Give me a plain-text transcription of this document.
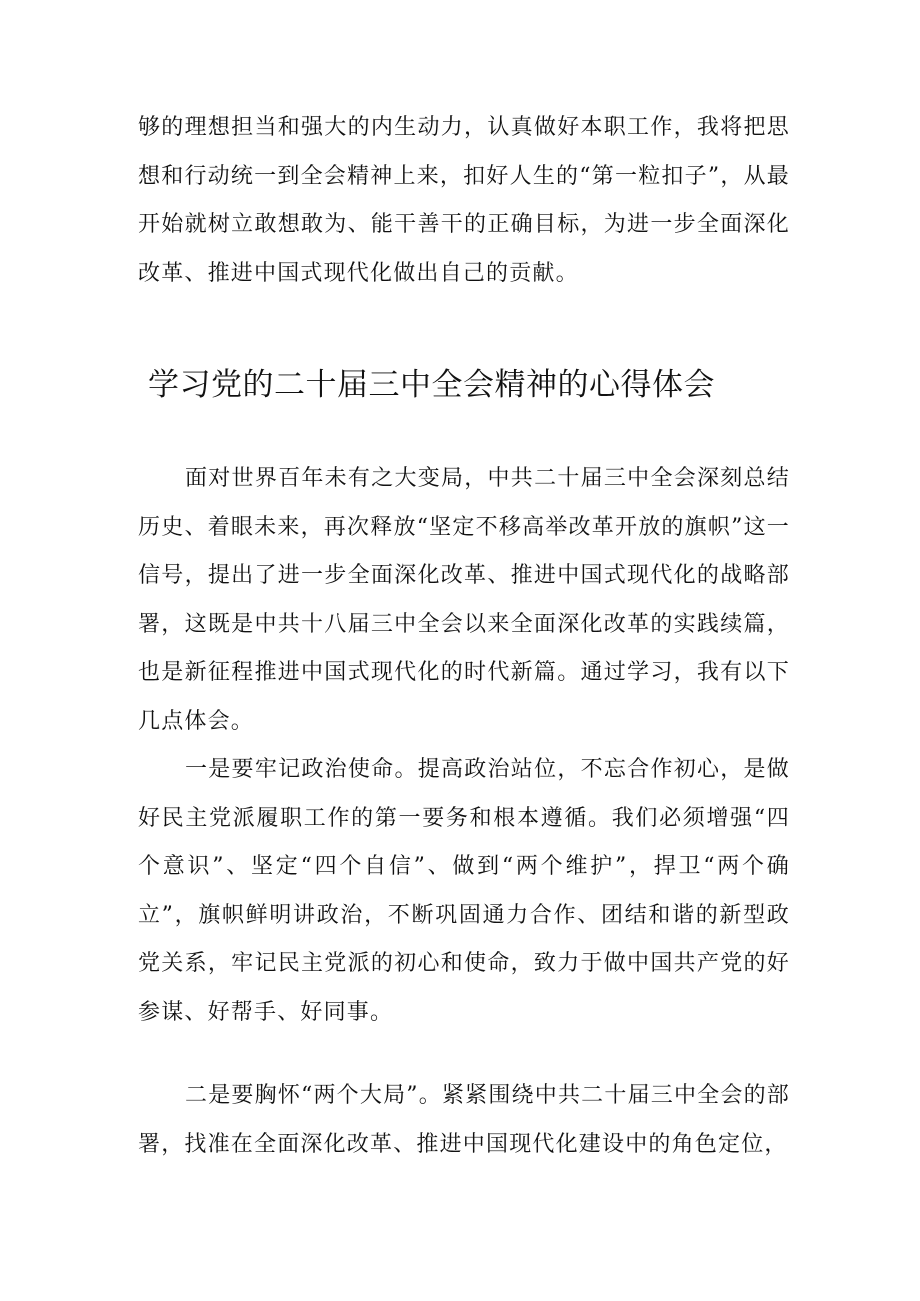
够的理想担当和强大的内生动力，认真做好本职工作，我将把思想和行动统一到全会精神上来，扣好人生的“第一粒扣子”，从最开始就树立敢想敢为、能干善干的正确目标，为进一步全面深化改革、推进中国式现代化做出自己的贡献。

学习党的二十届三中全会精神的心得体会

面对世界百年未有之大变局，中共二十届三中全会深刻总结历史、着眼未来，再次释放“坚定不移高举改革开放的旗帜”这一信号，提出了进一步全面深化改革、推进中国式现代化的战略部署，这既是中共十八届三中全会以来全面深化改革的实践续篇，也是新征程推进中国式现代化的时代新篇。通过学习，我有以下几点体会。

一是要牢记政治使命。提高政治站位，不忘合作初心，是做好民主党派履职工作的第一要务和根本遵循。我们必须增强“四个意识”、坚定“四个自信”、做到“两个维护”，捍卫“两个确立”，旗帜鲜明讲政治，不断巩固通力合作、团结和谐的新型政党关系，牢记民主党派的初心和使命，致力于做中国共产党的好参谋、好帮手、好同事。

二是要胸怀“两个大局”。紧紧围绕中共二十届三中全会的部署，找准在全面深化改革、推进中国现代化建设中的角色定位，
